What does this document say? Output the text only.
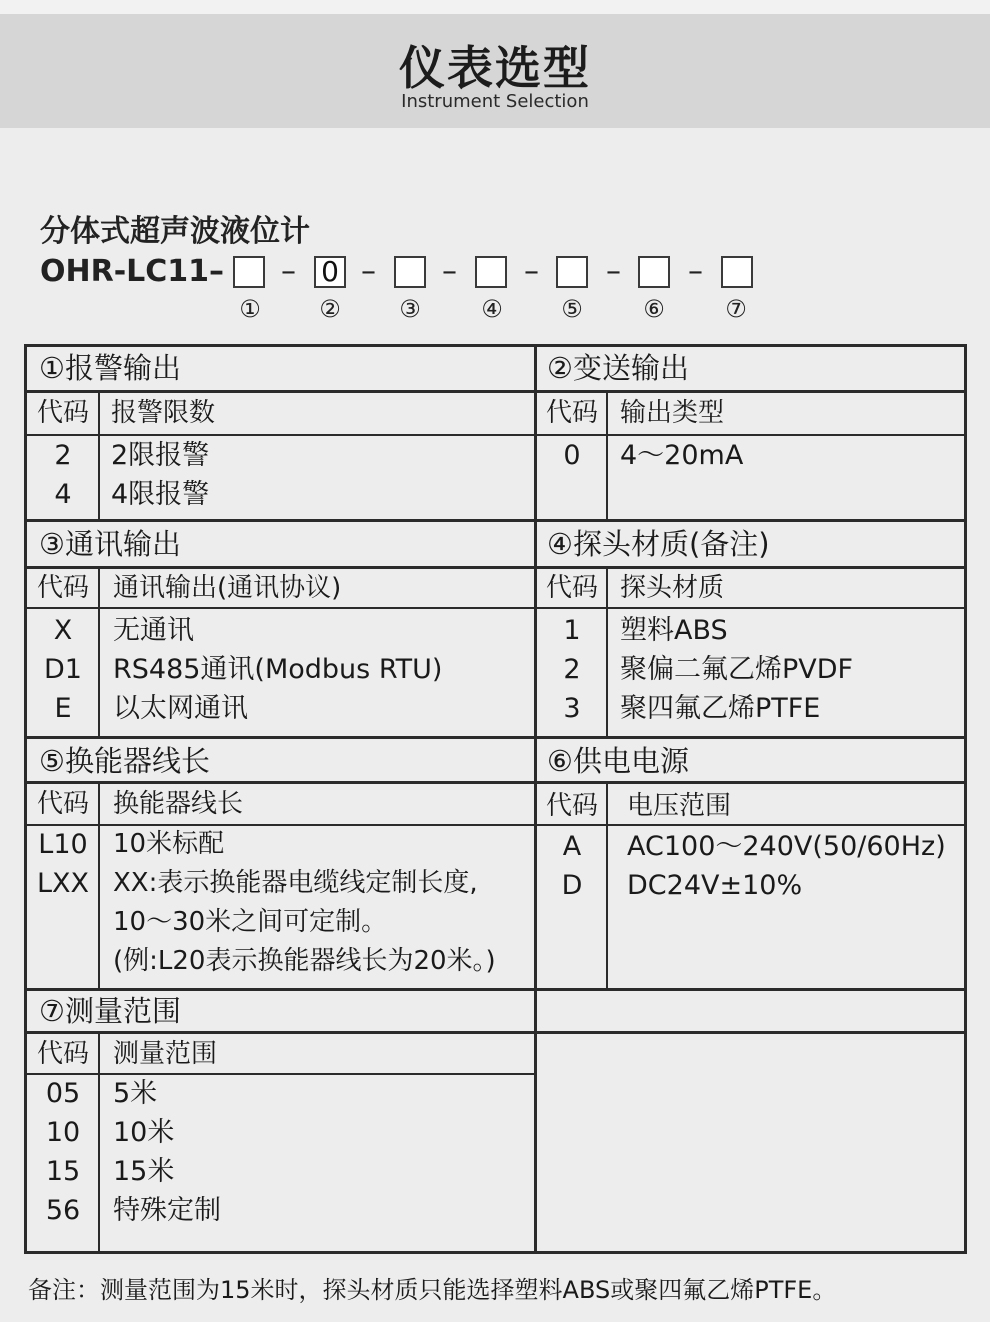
仪表选型
Instrument Selection
分体式超声波液位计
OHR-LC11– – 0 – – – – –
①	②	③	④	⑤	⑥	⑦
①报警输出
代码 报警限数
2	2限报警
4	4限报警
②变送输出
代码 输出类型
0	4～20mA
③通讯输出
代码 通讯输出(通讯协议)
X	无通讯
D1	RS485通讯(Modbus RTU)
E	以太网通讯
④探头材质(备注)
代码 探头材质
1	塑料ABS
2	聚偏二氟乙烯PVDF
3	聚四氟乙烯PTFE
⑤换能器线长
代码 换能器线长
L10 10米标配
LXX XX:表示换能器电缆线定制长度,
10～30米之间可定制。
(例:L20表示换能器线长为20米。)
⑥供电电源
代码	电压范围
A	AC100～240V(50/60Hz)
D	DC24V±10%
⑦测量范围
代码 测量范围
05	5米
10	10米
15	15米
56	特殊定制
备注：测量范围为15米时，探头材质只能选择塑料ABS或聚四氟乙烯PTFE。
